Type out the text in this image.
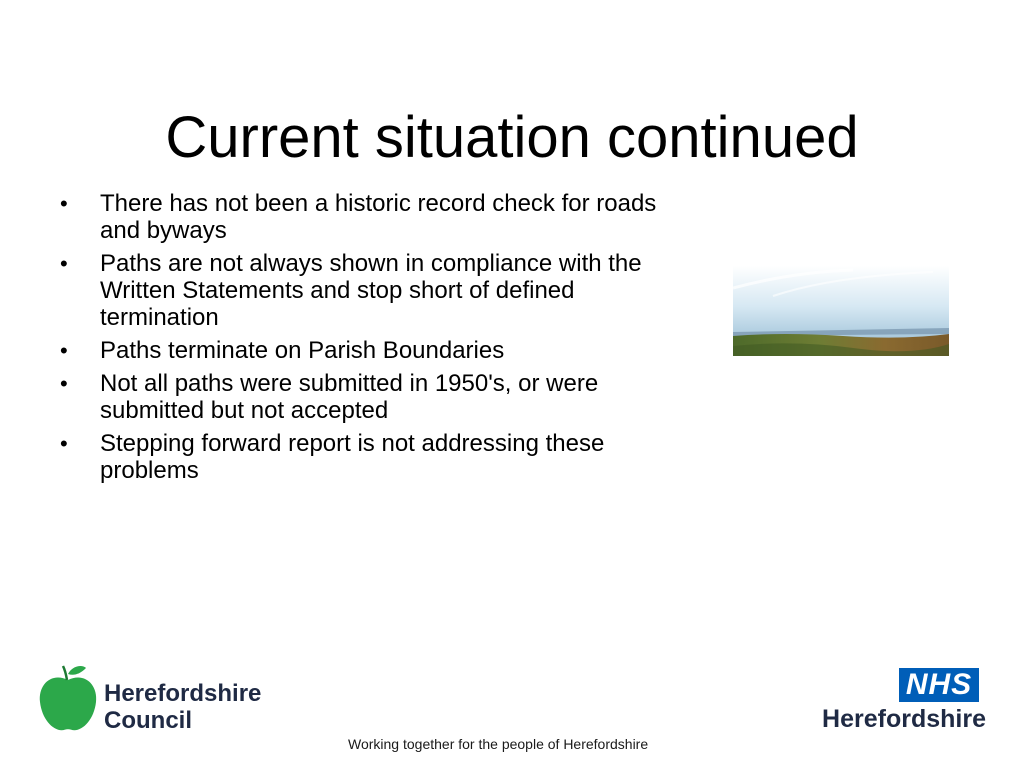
Current situation continued
•	There has not been a historic record check for roads and byways
•	Paths are not always shown in compliance with the Written Statements and stop short of defined termination
•	Paths terminate on Parish Boundaries
•	Not all paths were submitted in 1950's, or were submitted but not accepted
•	Stepping forward report is not addressing these problems
Herefordshire
Council
NHS
Herefordshire
Working together for the people of Herefordshire
